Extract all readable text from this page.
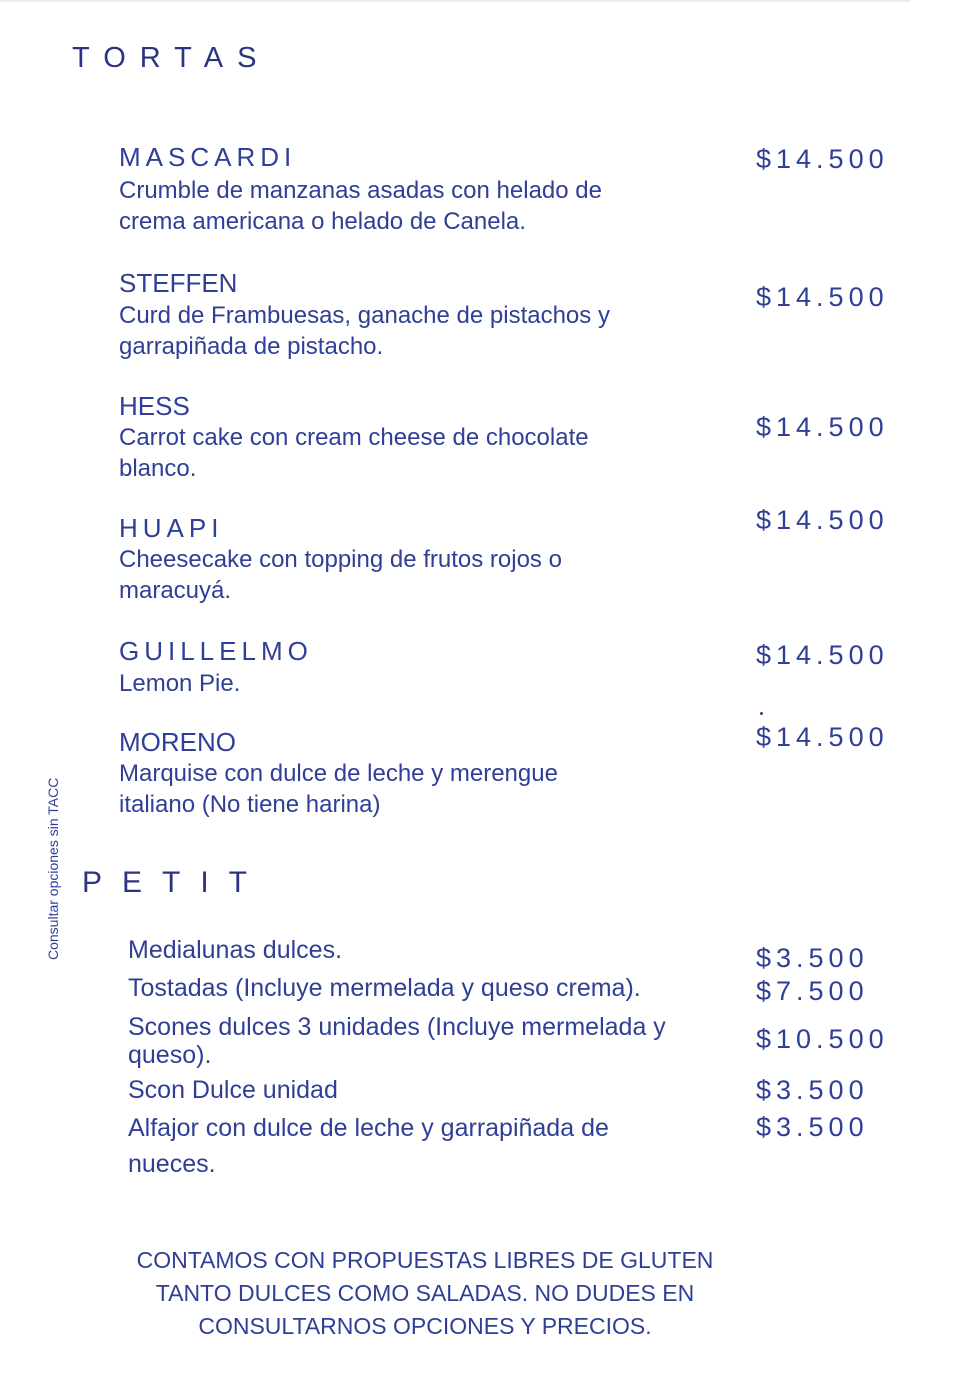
TORTAS
MASCARDI
Crumble de manzanas asadas con helado de crema americana o helado de Canela.
$14.500
STEFFEN
Curd de Frambuesas, ganache de pistachos y garrapiñada de pistacho.
$14.500
HESS
Carrot cake con cream cheese de chocolate blanco.
$14.500
HUAPI
Cheesecake con topping de frutos rojos o maracuyá.
$14.500
GUILLELMO
Lemon Pie.
$14.500
MORENO
Marquise con dulce de leche y merengue italiano (No tiene harina)
$14.500
Consultar opciones sin TACC PETIT
Medialunas dulces.	$3.500
Tostadas (Incluye mermelada y queso crema).	$7.500
Scones dulces 3 unidades (Incluye mermelada y queso).
$10.500
Scon Dulce unidad	$3.500
Alfajor con dulce de leche y garrapiñada de nueces.
$3.500
CONTAMOS CON PROPUESTAS LIBRES DE GLUTEN
TANTO DULCES COMO SALADAS. NO DUDES EN
CONSULTARNOS OPCIONES Y PRECIOS.
